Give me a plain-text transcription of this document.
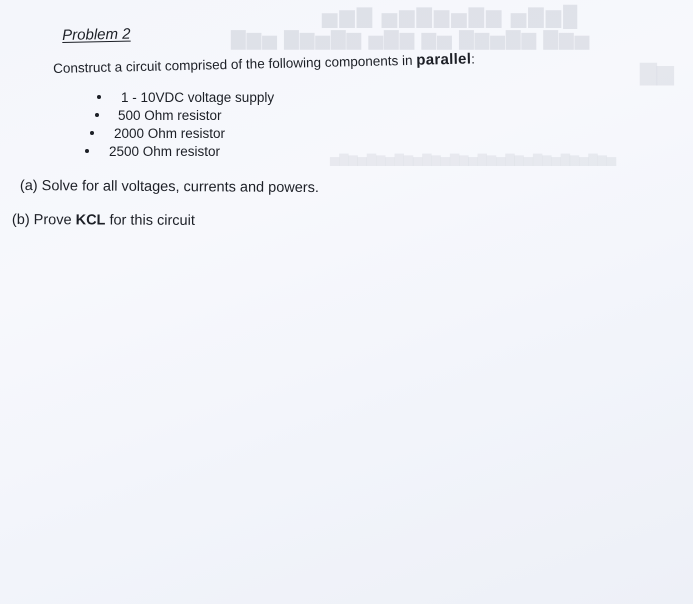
█▆▇▅ ▆▇▅▆▇▆▅ ▇▆▅
▅▆▇ ▆▇▅▆▇ ▅▆ ▆▇▅ ▆▇▅▆▇ ▅▆▇
▆▇
▅▆▇▅▆▇▅▆▇▅▆▇▅▆▇▅▆▇▅▆▇▅▆▇▅▆▇▅▆▇▅
Problem 2
Construct a circuit comprised of the following components in parallel:
1 - 10VDC voltage supply
500 Ohm resistor
2000 Ohm resistor
2500 Ohm resistor
(a) Solve for all voltages, currents and powers.
(b) Prove KCL for this circuit
